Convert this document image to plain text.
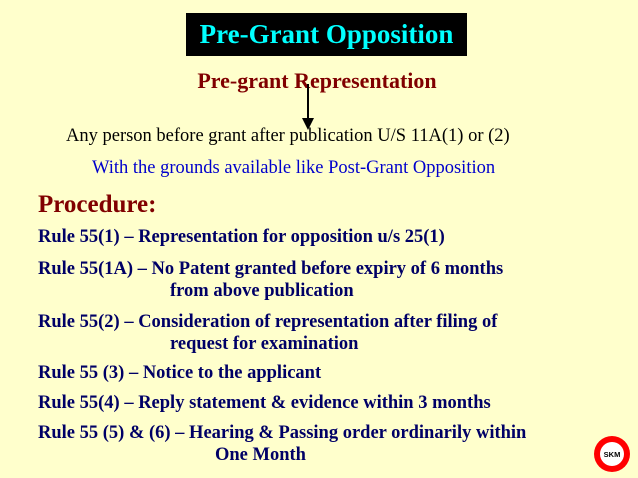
Pre-Grant Opposition
Pre-grant Representation
Any person before grant after publication U/S 11A(1) or (2)
With the grounds available like Post-Grant Opposition
Procedure:
Rule 55(1) – Representation for opposition u/s 25(1)
Rule 55(1A) – No Patent granted before expiry of 6 months
from above publication
Rule 55(2) – Consideration of representation after filing of
request for examination
Rule 55 (3) – Notice to the applicant
Rule 55(4) – Reply statement & evidence within 3 months
Rule 55 (5) & (6) – Hearing & Passing order ordinarily within
One Month	SKM
